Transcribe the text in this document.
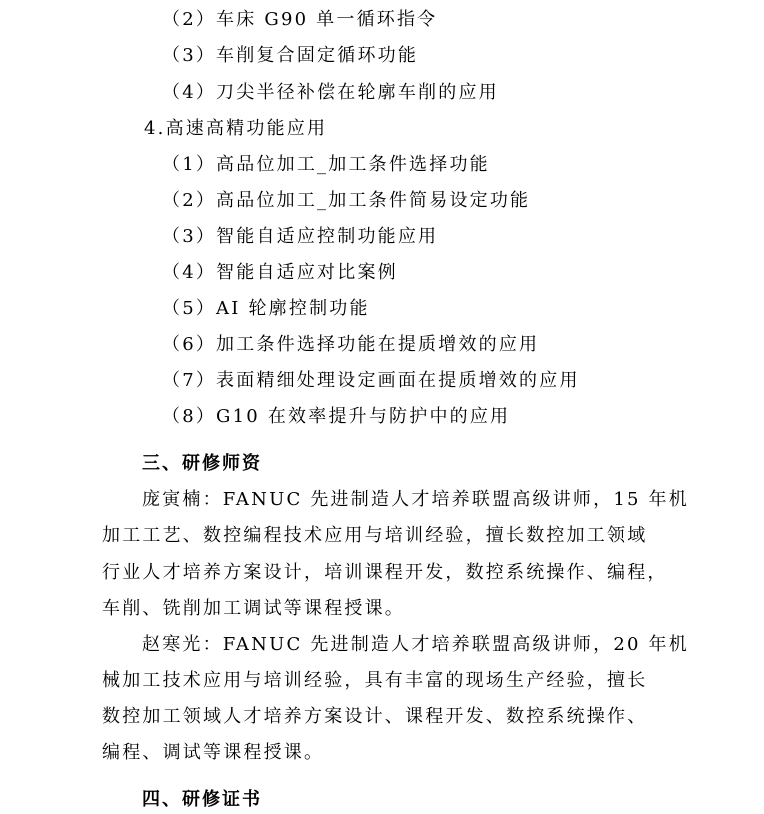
（2）车床 G90 单一循环指令
（3）车削复合固定循环功能
（4）刀尖半径补偿在轮廓车削的应用
4.高速高精功能应用
（1）高品位加工_加工条件选择功能
（2）高品位加工_加工条件简易设定功能
（3）智能自适应控制功能应用
（4）智能自适应对比案例
（5）AI 轮廓控制功能
（6）加工条件选择功能在提质增效的应用
（7）表面精细处理设定画面在提质增效的应用
（8）G10 在效率提升与防护中的应用
三、研修师资
庞寅楠：FANUC 先进制造人才培养联盟高级讲师，15 年机
加工工艺、数控编程技术应用与培训经验，擅长数控加工领域
行业人才培养方案设计，培训课程开发，数控系统操作、编程，
车削、铣削加工调试等课程授课。
赵寒光：FANUC 先进制造人才培养联盟高级讲师，20 年机
械加工技术应用与培训经验，具有丰富的现场生产经验，擅长
数控加工领域人才培养方案设计、课程开发、数控系统操作、
编程、调试等课程授课。
四、研修证书
